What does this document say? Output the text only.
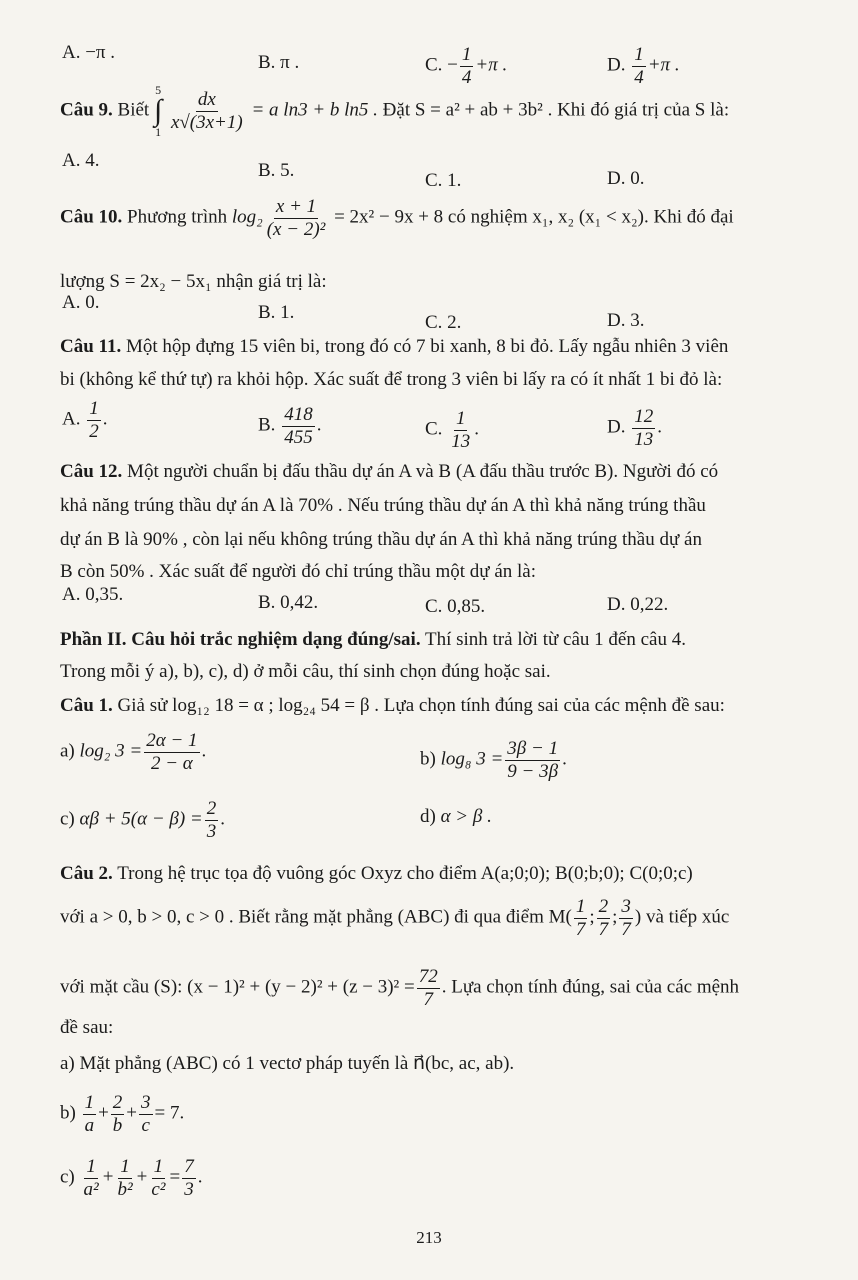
A. −π .	B. π .	C. − $\frac{1}{4} +\pi$ .	D. $\frac{1}{4} +\pi$ .
Câu 9. Biết
5
∫
1
$\frac{dx}{x√(3x+1)} = a$ ln3 + b ln5 . Đặt S = a² + ab + 3b² . Khi đó giá trị của S là:
A. 4.	B. 5.	C. 1.	D. 0.
Câu 10. Phương trình $\log_2 \frac{x + 1}{\text{(x − 2)²}} = 2x^2 - 9x + 8$ có nghiệm x₁, x₂ (x₁ < x₂). Khi đó đại
lượng S = 2x₂ − 5x₁ nhận giá trị là:
A. 0.	B. 1.	C. 2.	D. 3.
Câu 11. Một hộp đựng 15 viên bi, trong đó có 7 bi xanh, 8 bi đỏ. Lấy ngẫu nhiên 3 viên
bi (không kể thứ tự) ra khỏi hộp. Xác suất để trong 3 viên bi lấy ra có ít nhất 1 bi đỏ là:
A. $\frac{1}{2}$ .	B. $\frac{418}{455}$ .	C. $\frac{1}{13}$ .	D. $\frac{12}{13}$ .
Câu 12. Một người chuẩn bị đấu thầu dự án A và B (A đấu thầu trước B). Người đó có
khả năng trúng thầu dự án A là 70% . Nếu trúng thầu dự án A thì khả năng trúng thầu
dự án B là 90% , còn lại nếu không trúng thầu dự án A thì khả năng trúng thầu dự án
B còn 50% . Xác suất để người đó chỉ trúng thầu một dự án là:
A. 0,35.	B. 0,42.	C. 0,85.	D. 0,22.
Phần II. Câu hỏi trắc nghiệm dạng đúng/sai. Thí sinh trả lời từ câu 1 đến câu 4.
Trong mỗi ý a), b), c), d) ở mỗi câu, thí sinh chọn đúng hoặc sai.
Câu 1. Giả sử log₁₂ 18 = α ; log₂₄ 54 = β . Lựa chọn tính đúng sai của các mệnh đề sau:
a) log₂ $3 = \frac{2\alpha - 1}{2 - \alpha}$ .	b) log₈ $3 = \frac{3\beta - 1}{9 - 3\beta}$ .
c) $\alpha\beta + 5(\alpha - \beta) = \frac{2}{3}$ .	d) α > β .
Câu 2. Trong hệ trục tọa độ vuông góc Oxyz cho điểm A(a;0;0); B(0;b;0); C(0;0;c)
với a > 0, b > 0, c > 0 . Biết rằng mặt phẳng (ABC) đi qua điểm $M( \frac{1}{7}$ ; $\frac{2}{7}$ ; $\frac{3}{7}$ ) và tiếp xúc
với mặt cầu (S): $(x - 1)^2 + (y - 2)^2 + (z - 3)^2 = \frac{72}{7}$ . Lựa chọn tính đúng, sai của các mệnh
đề sau:
a) Mặt phẳng (ABC) có 1 vectơ pháp tuyến là n⃗(bc, ac, ab).
$b) \frac{1}{a} + \frac{2}{b} + \frac{3}{c} = 7$.
$c) \frac{1}{\text{a²}} + \frac{1}{\text{b²}} + \frac{1}{\text{c²}} = \frac{7}{3}$ .
213
